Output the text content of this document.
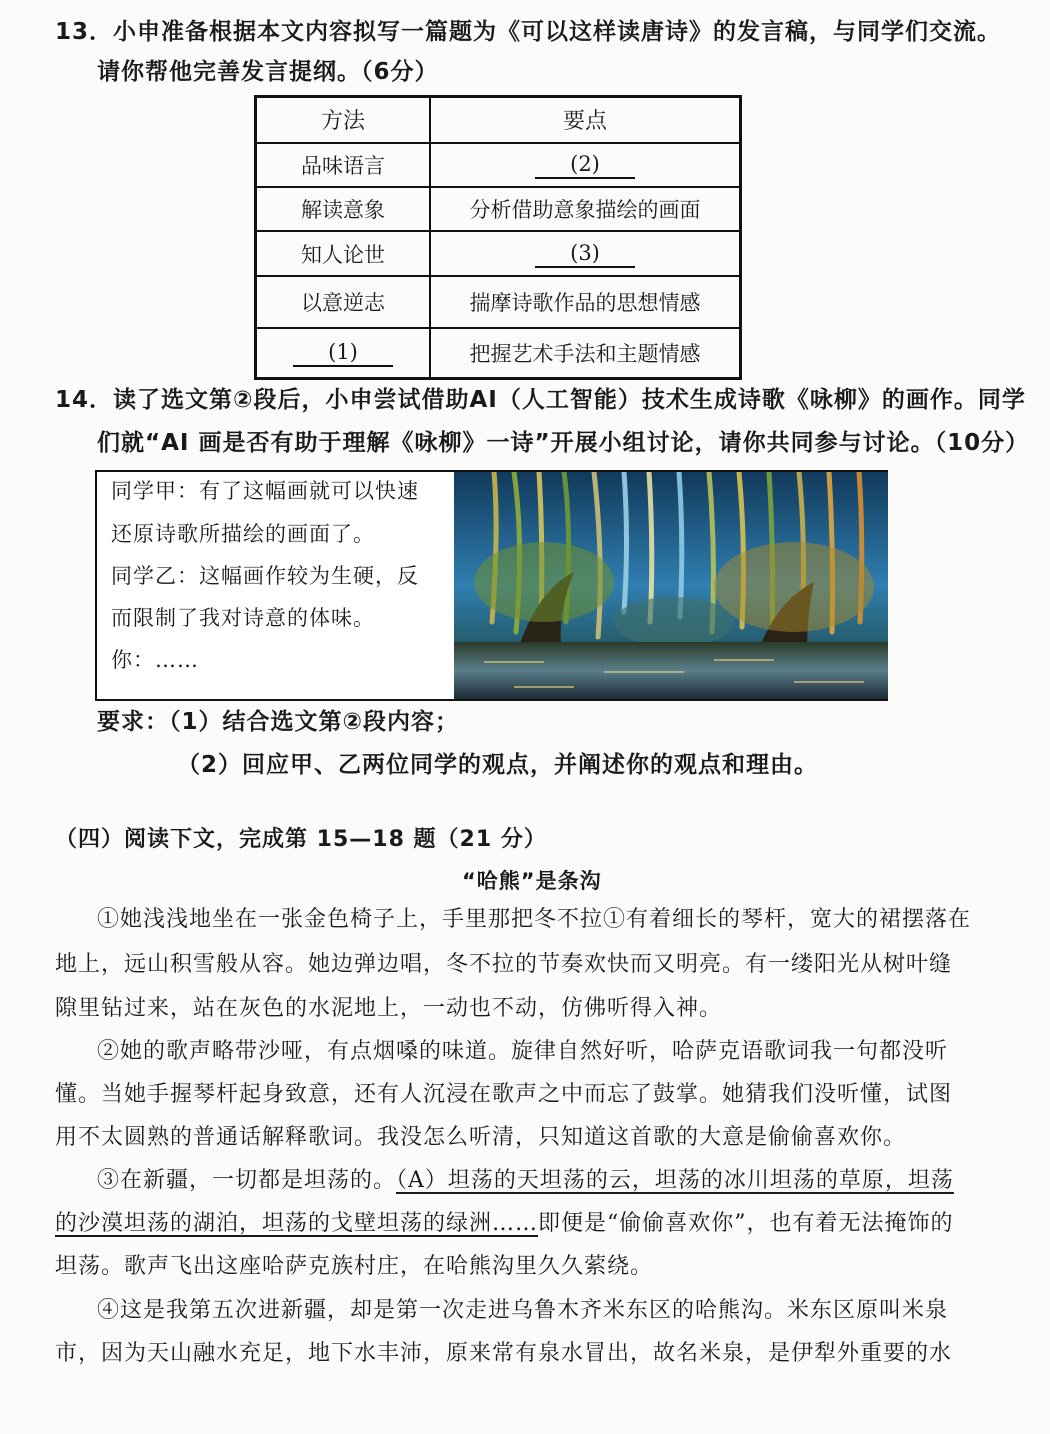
13．小申准备根据本文内容拟写一篇题为《可以这样读唐诗》的发言稿，与同学们交流。
请你帮他完善发言提纲。（6分）
方法	要点
品味语言	(2)
解读意象	分析借助意象描绘的画面
知人论世	(3)
以意逆志	揣摩诗歌作品的思想情感
(1)	把握艺术手法和主题情感
14．读了选文第②段后，小申尝试借助AI（人工智能）技术生成诗歌《咏柳》的画作。同学
们就“AI 画是否有助于理解《咏柳》一诗”开展小组讨论，请你共同参与讨论。（10分）
同学甲：有了这幅画就可以快速
还原诗歌所描绘的画面了。
同学乙：这幅画作较为生硬，反
而限制了我对诗意的体味。
你：……
要求：（1）结合选文第②段内容；
（2）回应甲、乙两位同学的观点，并阐述你的观点和理由。
（四）阅读下文，完成第 15—18 题（21 分）
“哈熊”是条沟
①她浅浅地坐在一张金色椅子上，手里那把冬不拉①有着细长的琴杆，宽大的裙摆落在
地上，远山积雪般从容。她边弹边唱，冬不拉的节奏欢快而又明亮。有一缕阳光从树叶缝
隙里钻过来，站在灰色的水泥地上，一动也不动，仿佛听得入神。
②她的歌声略带沙哑，有点烟嗓的味道。旋律自然好听，哈萨克语歌词我一句都没听
懂。当她手握琴杆起身致意，还有人沉浸在歌声之中而忘了鼓掌。她猜我们没听懂，试图
用不太圆熟的普通话解释歌词。我没怎么听清，只知道这首歌的大意是偷偷喜欢你。
③在新疆，一切都是坦荡的。（A）坦荡的天坦荡的云，坦荡的冰川坦荡的草原，坦荡
的沙漠坦荡的湖泊，坦荡的戈壁坦荡的绿洲……即便是“偷偷喜欢你”，也有着无法掩饰的
坦荡。歌声飞出这座哈萨克族村庄，在哈熊沟里久久萦绕。
④这是我第五次进新疆，却是第一次走进乌鲁木齐米东区的哈熊沟。米东区原叫米泉
市，因为天山融水充足，地下水丰沛，原来常有泉水冒出，故名米泉，是伊犁外重要的水
